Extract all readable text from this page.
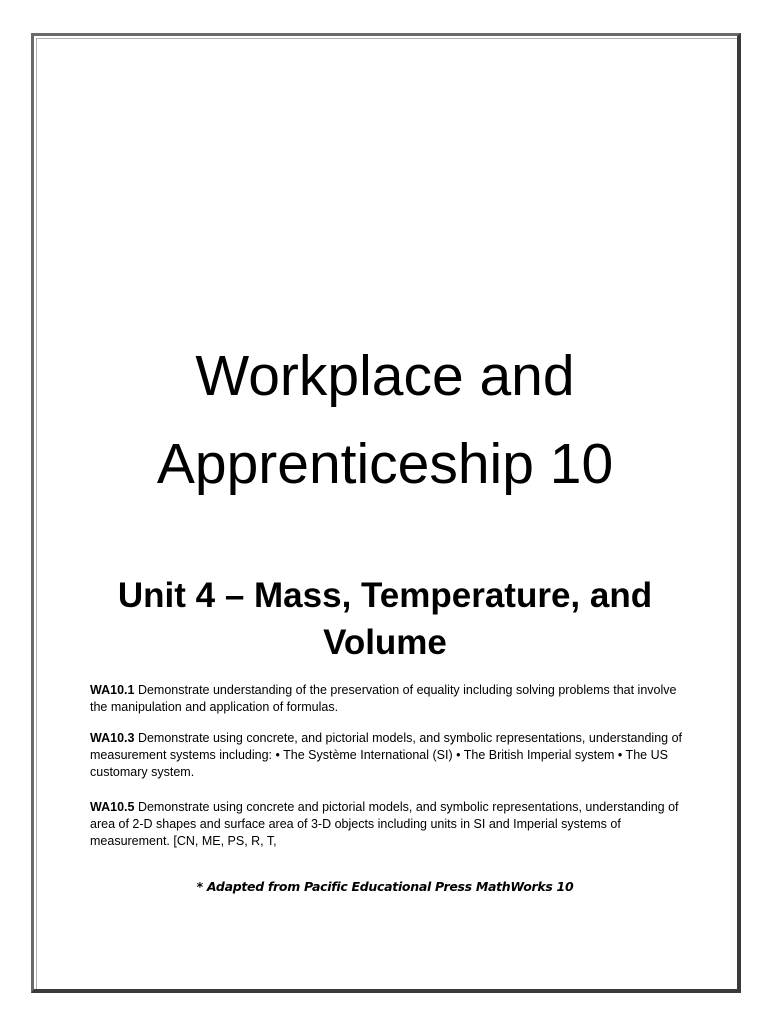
Workplace and
Apprenticeship 10
Unit 4 – Mass, Temperature, and
Volume

WA10.1 Demonstrate understanding of the preservation of equality including solving problems that involve the manipulation and application of formulas.

WA10.3 Demonstrate using concrete, and pictorial models, and symbolic representations, understanding of measurement systems including: • The Système International (SI) • The British Imperial system • The US customary system.

WA10.5 Demonstrate using concrete and pictorial models, and symbolic representations, understanding of area of 2-D shapes and surface area of 3-D objects including units in SI and Imperial systems of measurement. [CN, ME, PS, R, T,

* Adapted from Pacific Educational Press MathWorks 10
